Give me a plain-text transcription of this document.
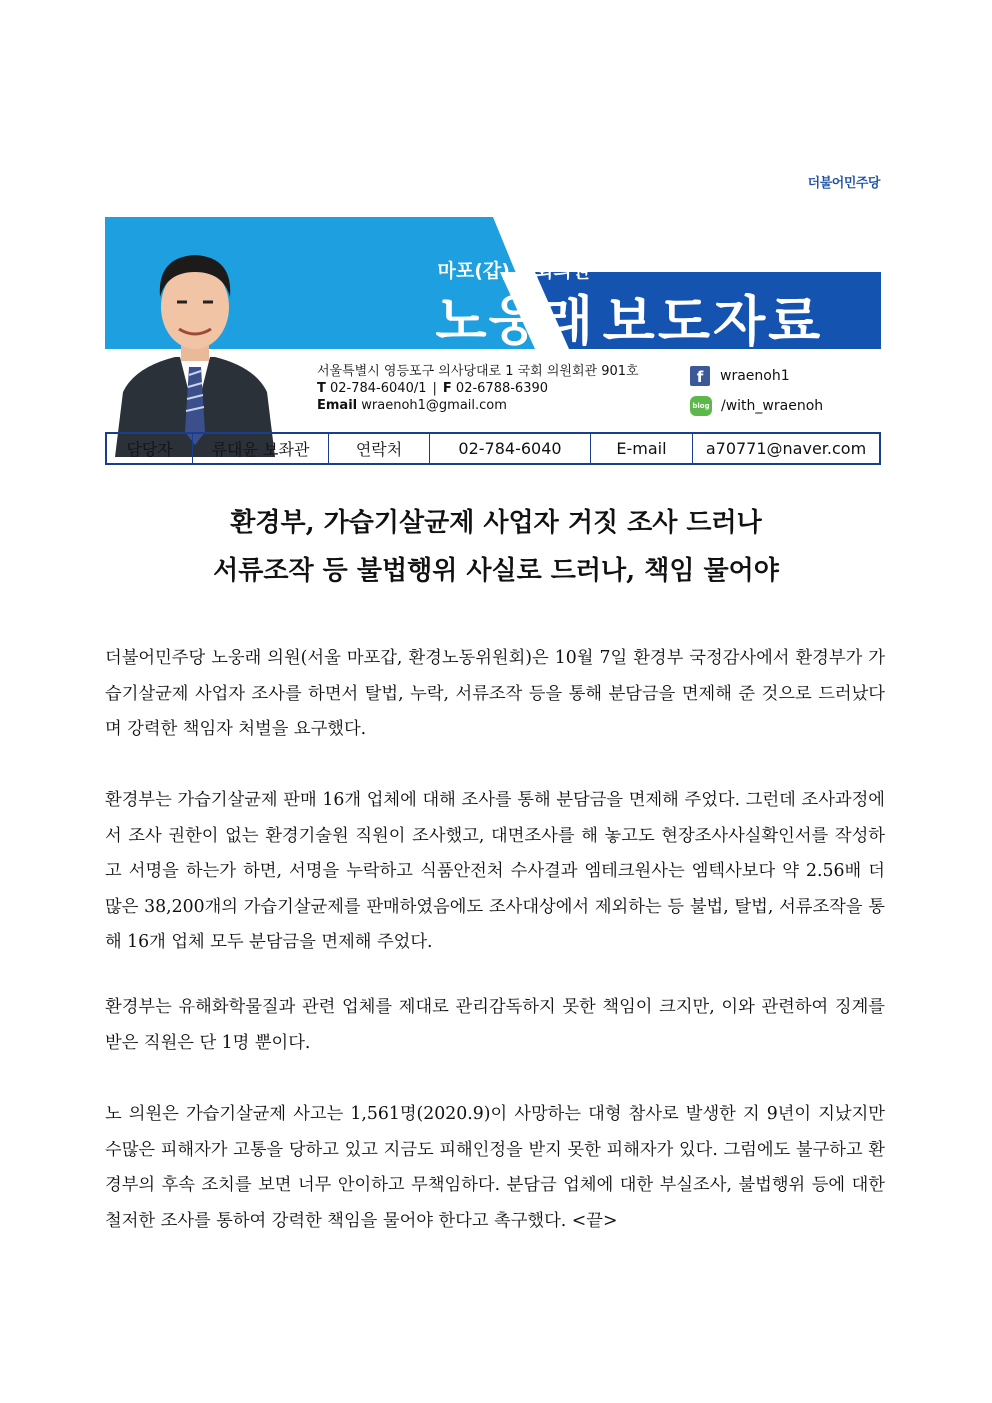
더불어민주당
공감 정치!
마포(갑) 국회의원
노웅래 보도자료
서울특별시 영등포구 의사당대로 1 국회 의원회관 901호
T 02-784-6040/1 | F 02-6788-6390
Email wraenoh1@gmail.com
f	wraenoh1
blog /with_wraenoh
담당자	류대윤 보좌관	연락처	02-784-6040	E-mail	a70771@naver.com
환경부, 가습기살균제 사업자 거짓 조사 드러나
서류조작 등 불법행위 사실로 드러나, 책임 물어야
더불어민주당 노웅래 의원(서울 마포갑, 환경노동위원회)은 10월 7일 환경부 국정감사에서 환경부가 가습기살균제 사업자 조사를 하면서 탈법, 누락, 서류조작 등을 통해 분담금을 면제해 준 것으로 드러났다며 강력한 책임자 처벌을 요구했다.
환경부는 가습기살균제 판매 16개 업체에 대해 조사를 통해 분담금을 면제해 주었다. 그런데 조사과정에서 조사 권한이 없는 환경기술원 직원이 조사했고, 대면조사를 해 놓고도 현장조사사실확인서를 작성하고 서명을 하는가 하면, 서명을 누락하고 식품안전처 수사결과 엠테크원사는 엠텍사보다 약 2.56배 더 많은 38,200개의 가습기살균제를 판매하였음에도 조사대상에서 제외하는 등 불법, 탈법, 서류조작을 통해 16개 업체 모두 분담금을 면제해 주었다.
환경부는 유해화학물질과 관련 업체를 제대로 관리감독하지 못한 책임이 크지만, 이와 관련하여 징계를 받은 직원은 단 1명 뿐이다.
노 의원은 가습기살균제 사고는 1,561명(2020.9)이 사망하는 대형 참사로 발생한 지 9년이 지났지만 수많은 피해자가 고통을 당하고 있고 지금도 피해인정을 받지 못한 피해자가 있다. 그럼에도 불구하고 환경부의 후속 조치를 보면 너무 안이하고 무책임하다. 분담금 업체에 대한 부실조사, 불법행위 등에 대한 철저한 조사를 통하여 강력한 책임을 물어야 한다고 촉구했다. <끝>
